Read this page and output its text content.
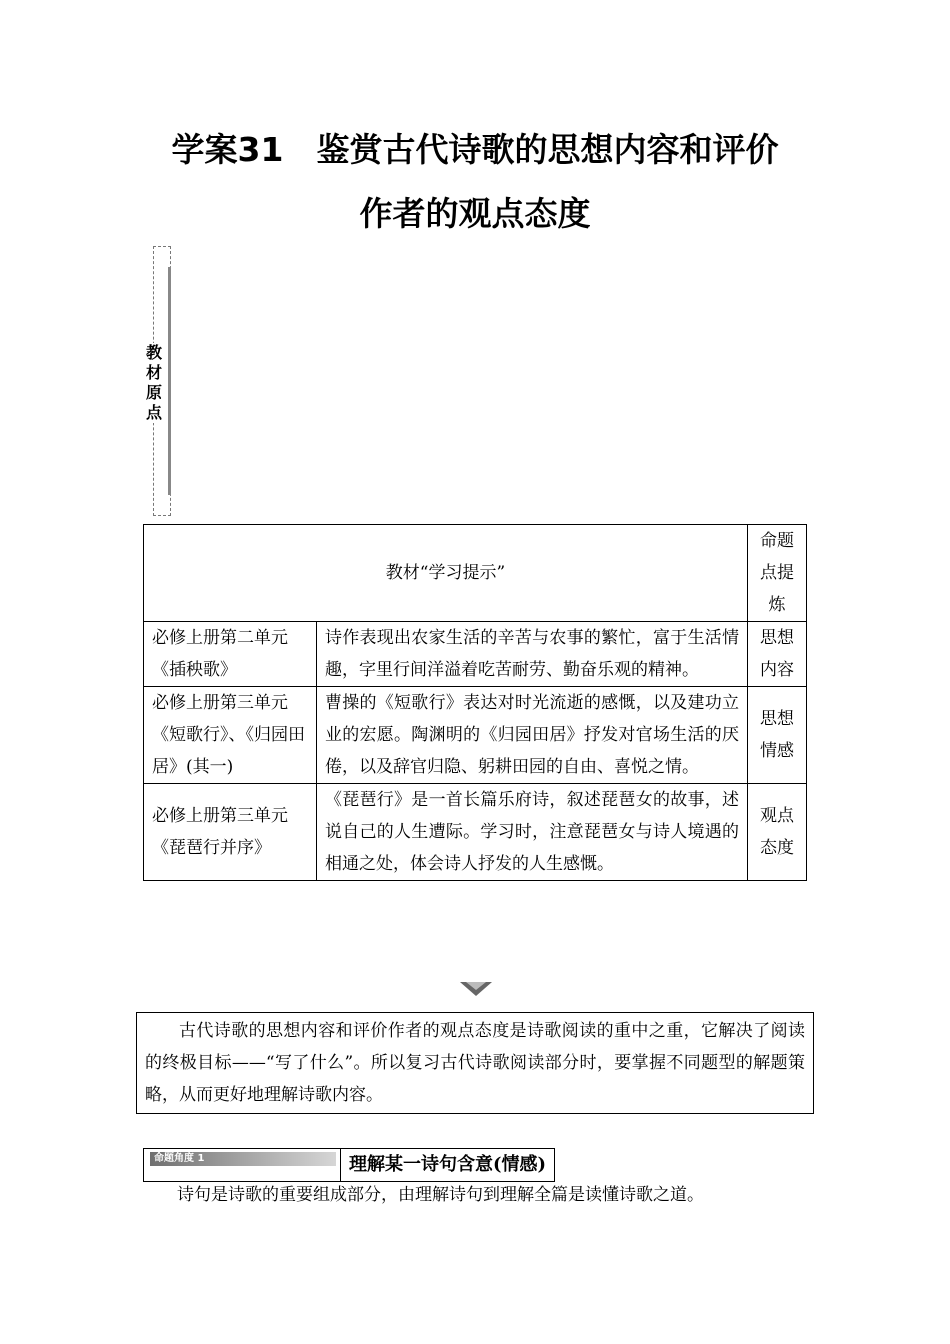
学案31　鉴赏古代诗歌的思想内容和评价
作者的观点态度
教材原点
教材“学习提示”		命题点提炼
必修上册第二单元《插秧歌》	诗作表现出农家生活的辛苦与农事的繁忙，富于生活情趣，字里行间洋溢着吃苦耐劳、勤奋乐观的精神。	思想内容
必修上册第三单元《短歌行》、《归园田居》(其一)	曹操的《短歌行》表达对时光流逝的感慨，以及建功立业的宏愿。陶渊明的《归园田居》抒发对官场生活的厌倦，以及辞官归隐、躬耕田园的自由、喜悦之情。	思想情感
必修上册第三单元《琵琶行并序》	《琵琶行》是一首长篇乐府诗，叙述琵琶女的故事，述说自己的人生遭际。学习时，注意琵琶女与诗人境遇的相通之处，体会诗人抒发的人生感慨。	观点态度
古代诗歌的思想内容和评价作者的观点态度是诗歌阅读的重中之重，它解决了阅读的终极目标——“写了什么”。所以复习古代诗歌阅读部分时，要掌握不同题型的解题策略，从而更好地理解诗歌内容。
命题角度 1	理解某一诗句含意(情感)
诗句是诗歌的重要组成部分，由理解诗句到理解全篇是读懂诗歌之道。
